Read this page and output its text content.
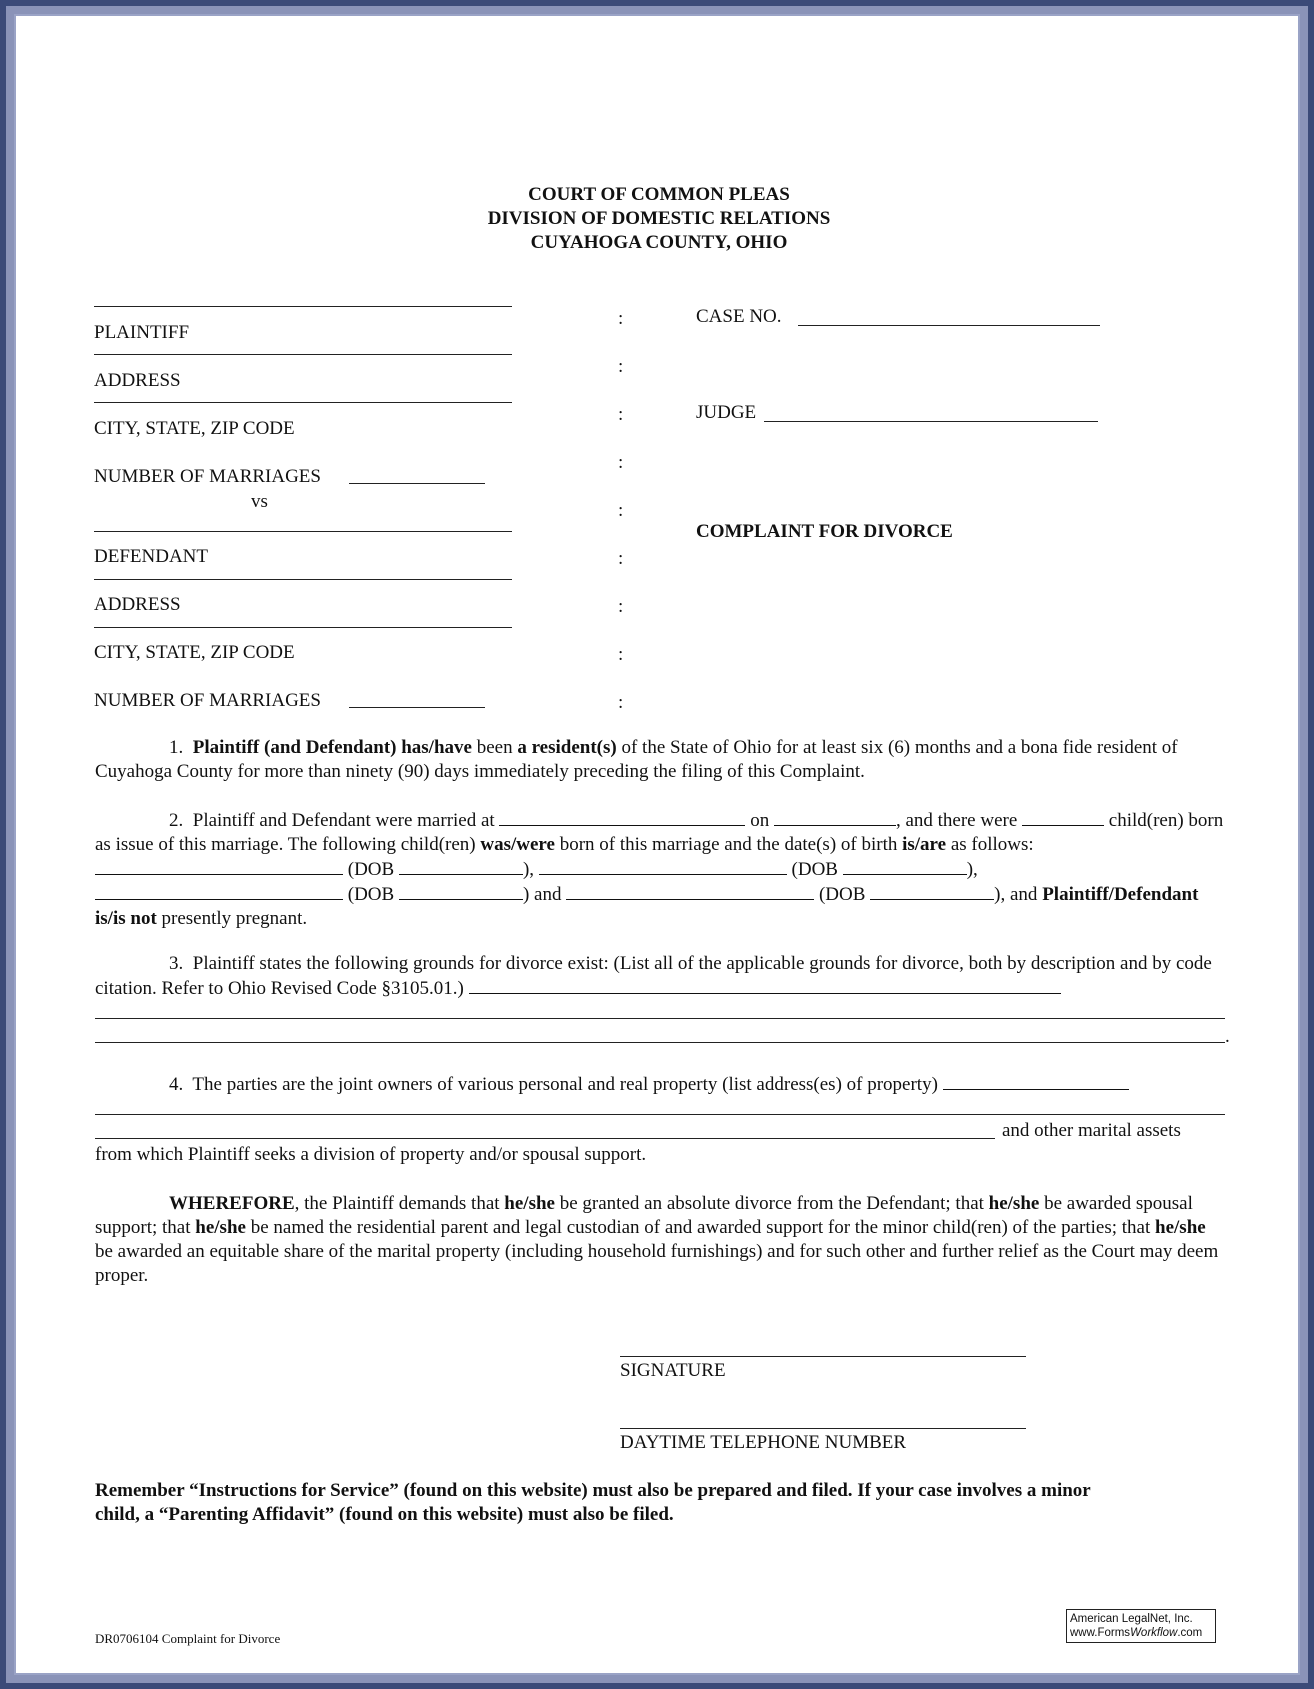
COURT OF COMMON PLEAS
DIVISION OF DOMESTIC RELATIONS
CUYAHOGA COUNTY, OHIO
PLAINTIFF
ADDRESS
CITY, STATE, ZIP CODE
NUMBER OF MARRIAGES
vs
DEFENDANT
ADDRESS
CITY, STATE, ZIP CODE
NUMBER OF MARRIAGES
:
:
:
:
:
:
:
:
:
CASE NO.
JUDGE
COMPLAINT FOR DIVORCE
1. Plaintiff (and Defendant) has/have been a resident(s) of the State of Ohio for at least six (6) months and a bona fide resident of Cuyahoga County for more than ninety (90) days immediately preceding the filing of this Complaint.
2. Plaintiff and Defendant were married at	on	, and there were	child(ren) born as issue of this marriage. The following child(ren) was/were born of this marriage and the date(s) of birth is/are as follows:   (DOB	),	(DOB	),  (DOB	) and	(DOB	), and Plaintiff/Defendant is/is not presently pregnant.
3. Plaintiff states the following grounds for divorce exist: (List all of the applicable grounds for divorce, both by description and by code citation. Refer to Ohio Revised Code §3105.01.)
.
4. The parties are the joint owners of various personal and real property (list address(es) of property)
and other marital assets
from which Plaintiff seeks a division of property and/or spousal support.
WHEREFORE, the Plaintiff demands that he/she be granted an absolute divorce from the Defendant; that he/she be awarded spousal support; that he/she be named the residential parent and legal custodian of and awarded support for the minor child(ren) of the parties; that he/she be awarded an equitable share of the marital property (including household furnishings) and for such other and further relief as the Court may deem proper.
SIGNATURE
DAYTIME TELEPHONE NUMBER
Remember “Instructions for Service” (found on this website) must also be prepared and filed. If your case involves a minor
child, a “Parenting Affidavit” (found on this website) must also be filed.
DR0706104 Complaint for Divorce
American LegalNet, Inc.
www.FormsWorkflow.com
